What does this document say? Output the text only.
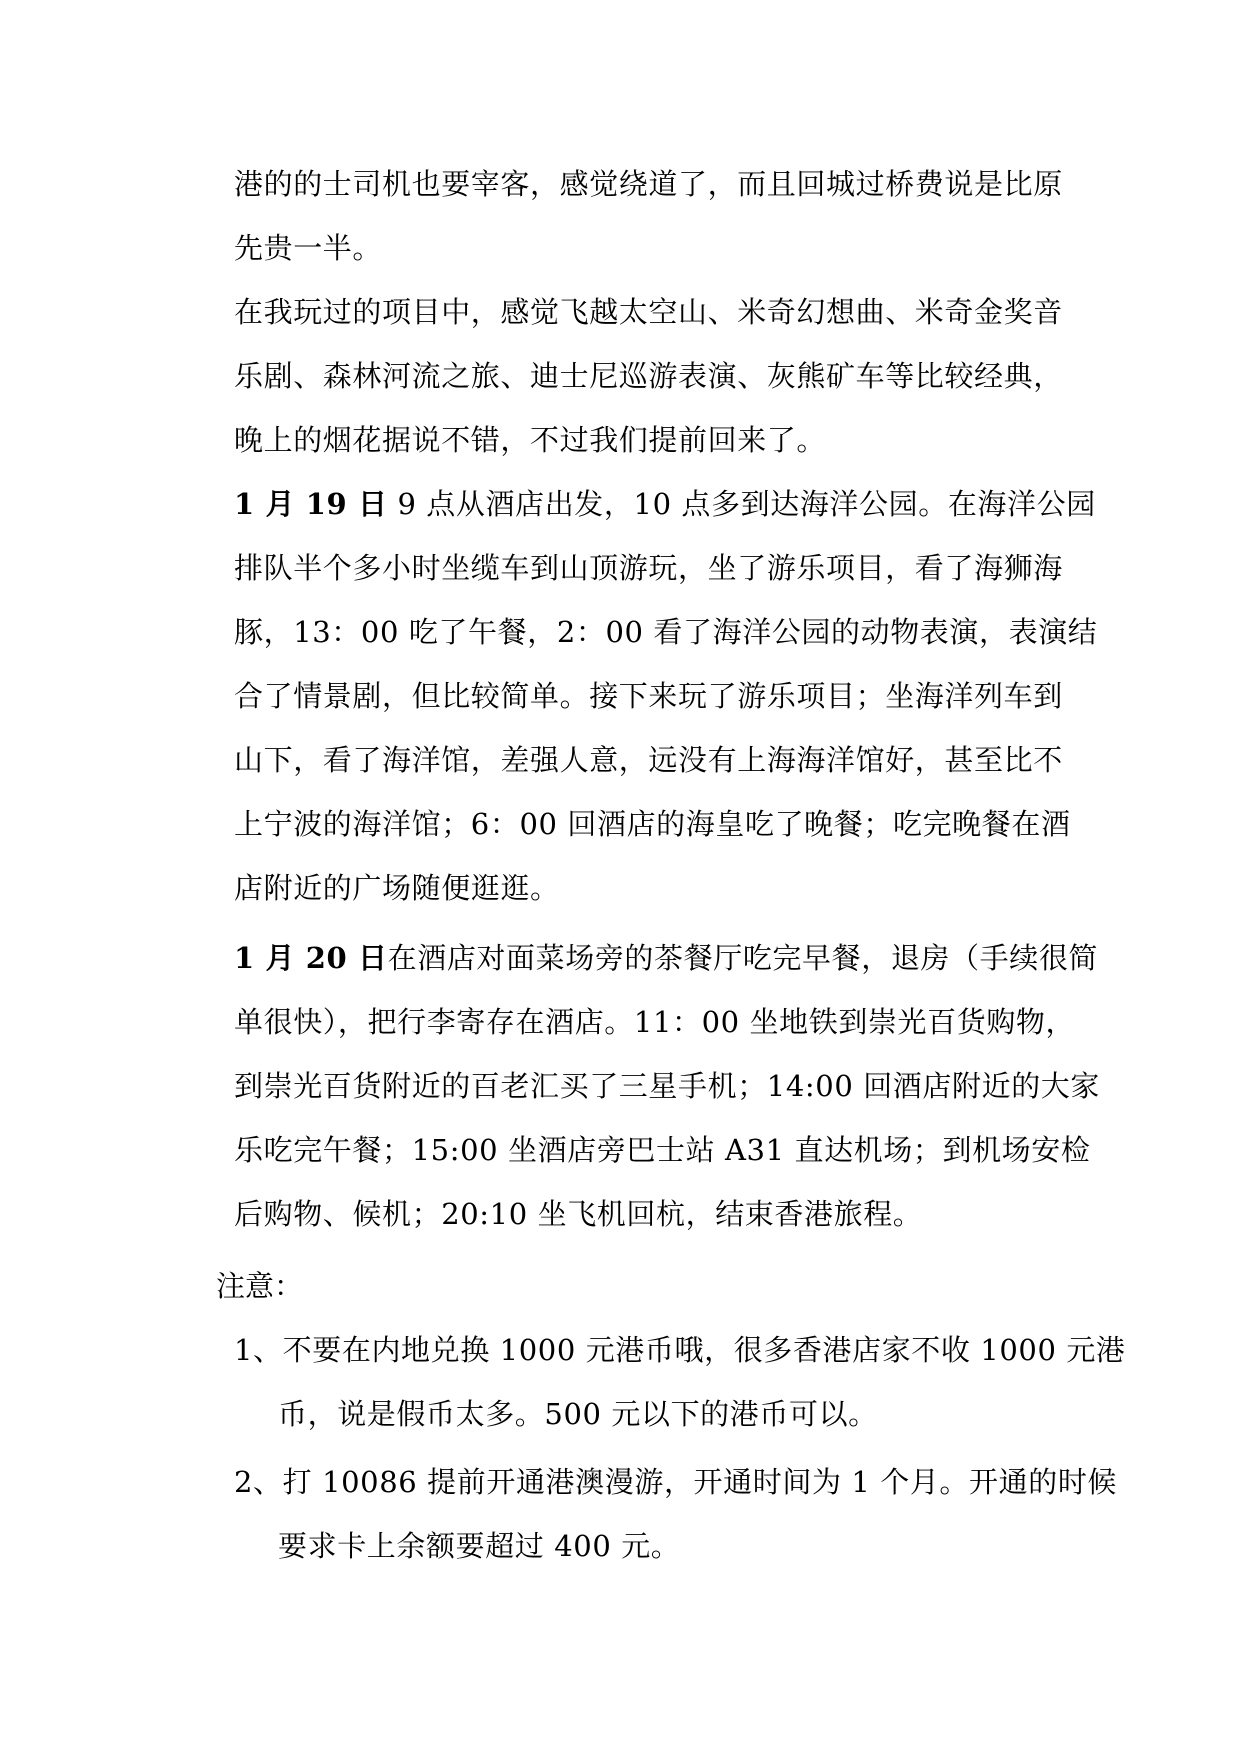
港的的士司机也要宰客，感觉绕道了，而且回城过桥费说是比原
先贵一半。
在我玩过的项目中，感觉飞越太空山、米奇幻想曲、米奇金奖音
乐剧、森林河流之旅、迪士尼巡游表演、灰熊矿车等比较经典，
晚上的烟花据说不错，不过我们提前回来了。
1 月 19 日 9 点从酒店出发，10 点多到达海洋公园。在海洋公园
排队半个多小时坐缆车到山顶游玩，坐了游乐项目，看了海狮海
豚，13：00 吃了午餐，2：00 看了海洋公园的动物表演，表演结
合了情景剧，但比较简单。接下来玩了游乐项目；坐海洋列车到
山下，看了海洋馆，差强人意，远没有上海海洋馆好，甚至比不
上宁波的海洋馆；6：00 回酒店的海皇吃了晚餐；吃完晚餐在酒
店附近的广场随便逛逛。
1 月 20 日在酒店对面菜场旁的茶餐厅吃完早餐，退房（手续很简
单很快），把行李寄存在酒店。11：00 坐地铁到崇光百货购物，
到崇光百货附近的百老汇买了三星手机；14:00 回酒店附近的大家
乐吃完午餐；15:00 坐酒店旁巴士站 A31 直达机场；到机场安检
后购物、候机；20:10 坐飞机回杭，结束香港旅程。
注意：
1、不要在内地兑换 1000 元港币哦，很多香港店家不收 1000 元港
币，说是假币太多。500 元以下的港币可以。
2、打 10086 提前开通港澳漫游，开通时间为 1 个月。开通的时候
要求卡上余额要超过 400 元。
